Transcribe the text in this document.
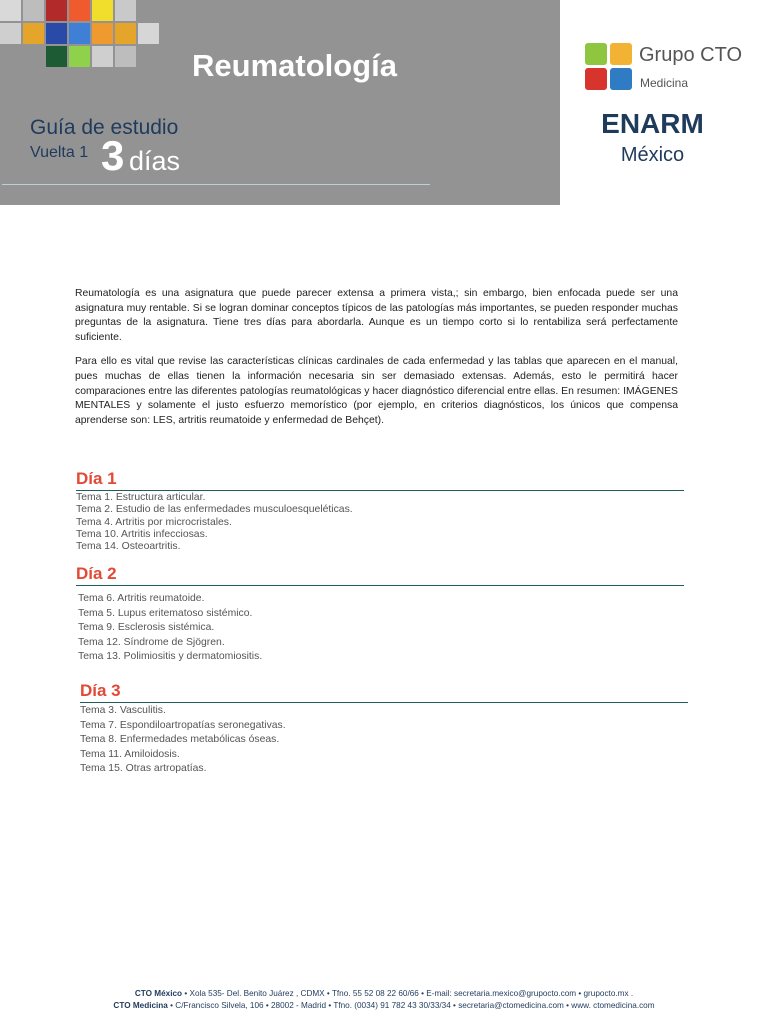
Reumatología
Guía de estudio
Vuelta 1 3 días
Grupo CTO
Medicina
ENARM
México

Reumatología es una asignatura que puede parecer extensa a primera vista,; sin embargo, bien enfocada puede ser una asignatura muy rentable. Si se logran dominar conceptos típicos de las patologías más importantes, se pueden responder muchas preguntas de la asignatura. Tiene tres días para abordarla. Aunque es un tiempo corto si lo rentabiliza será perfectamente suficiente.

Para ello es vital que revise las características clínicas cardinales de cada enfermedad y las tablas que aparecen en el manual, pues muchas de ellas tienen la información necesaria sin ser demasiado extensas. Además, esto le permitirá hacer comparaciones entre las diferentes patologías reumatológicas y hacer diagnóstico diferencial entre ellas. En resumen: IMÁGENES MENTALES y solamente el justo esfuerzo memorístico (por ejemplo, en criterios diagnósticos, los únicos que compensa aprenderse son: LES, artritis reumatoide y enfermedad de Behçet).

Día 1
Tema 1. Estructura articular.
Tema 2. Estudio de las enfermedades musculoesqueléticas.
Tema 4. Artritis por microcristales.
Tema 10. Artritis infecciosas.
Tema 14. Osteoartritis.
Día 2
Tema 6. Artritis reumatoide.
Tema 5. Lupus eritematoso sistémico.
Tema 9. Esclerosis sistémica.
Tema 12. Síndrome de Sjögren.
Tema 13. Polimiositis y dermatomiositis.
Día 3
Tema 3. Vasculitis.
Tema 7. Espondiloartropatías seronegativas.
Tema 8. Enfermedades metabólicas óseas.
Tema 11. Amiloidosis.
Tema 15. Otras artropatías.
CTO México • Xola 535- Del. Benito Juárez , CDMX • Tfno. 55 52 08 22 60/66 • E-mail: secretaria.mexico@grupocto.com • grupocto.mx .
CTO Medicina • C/Francisco Silvela, 106 • 28002 - Madrid • Tfno. (0034) 91 782 43 30/33/34 • secretaria@ctomedicina.com • www. ctomedicina.com
